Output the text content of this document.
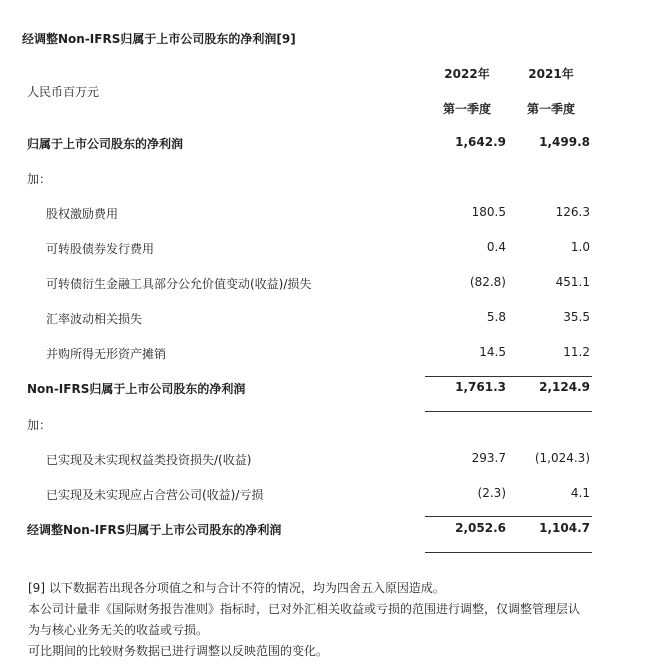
经调整Non-IFRS归属于上市公司股东的净利润[9]
人民币百万元
2022年	2021年
第一季度	第一季度
归属于上市公司股东的净利润	1,642.9	1,499.8
加：
股权激励费用	180.5	126.3
可转股债券发行费用	0.4	1.0
可转债衍生金融工具部分公允价值变动(收益)/损失	(82.8)	451.1
汇率波动相关损失	5.8	35.5
并购所得无形资产摊销	14.5	11.2
Non-IFRS归属于上市公司股东的净利润	1,761.3	2,124.9
加：
已实现及未实现权益类投资损失/(收益)	293.7 (1,024.3)
已实现及未实现应占合营公司(收益)/亏损	(2.3)	4.1
经调整Non-IFRS归属于上市公司股东的净利润	2,052.6	1,104.7
[9] 以下数据若出现各分项值之和与合计不符的情况，均为四舍五入原因造成。
本公司计量非《国际财务报告准则》指标时，已对外汇相关收益或亏损的范围进行调整，仅调整管理层认
为与核心业务无关的收益或亏损。
可比期间的比较财务数据已进行调整以反映范围的变化。
